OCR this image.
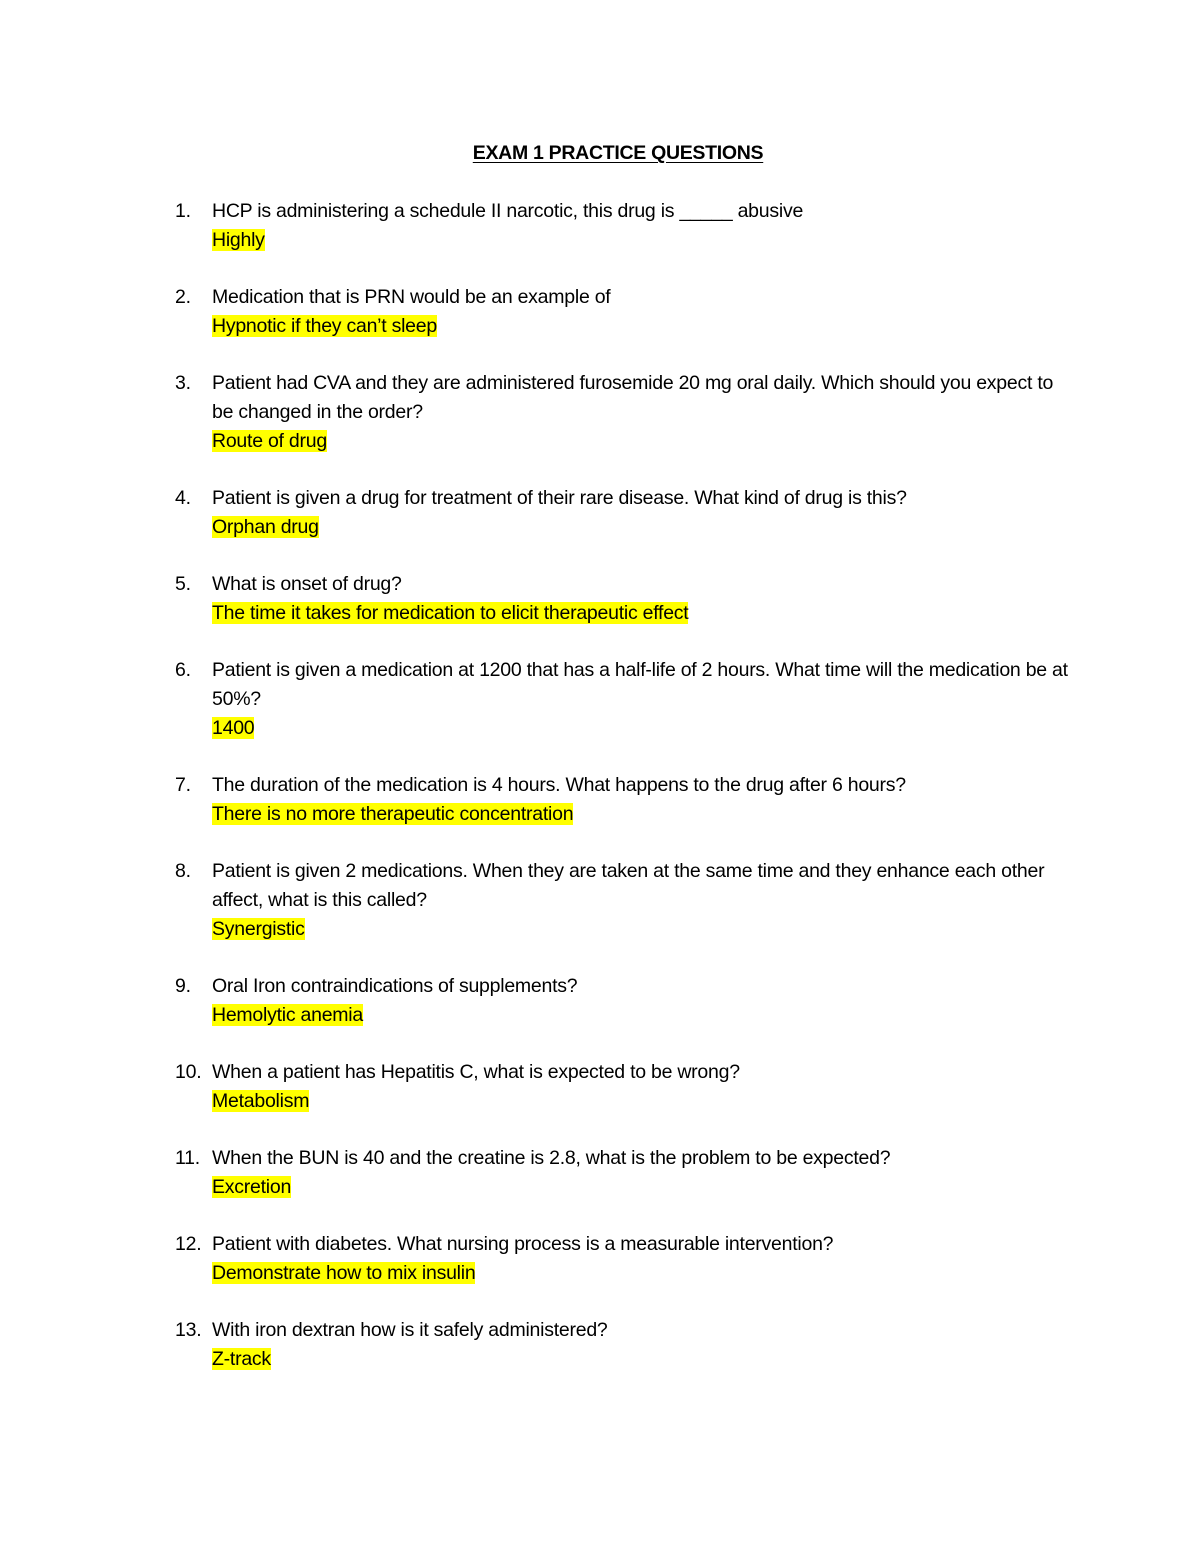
EXAM 1 PRACTICE QUESTIONS
1. HCP is administering a schedule II narcotic, this drug is _____ abusive
Highly
2. Medication that is PRN would be an example of
Hypnotic if they can’t sleep
3. Patient had CVA and they are administered furosemide 20 mg oral daily. Which should you expect to be changed in the order?
Route of drug
4. Patient is given a drug for treatment of their rare disease. What kind of drug is this?
Orphan drug
5. What is onset of drug?
The time it takes for medication to elicit therapeutic effect
6. Patient is given a medication at 1200 that has a half-life of 2 hours. What time will the medication be at 50%?
1400
7. The duration of the medication is 4 hours. What happens to the drug after 6 hours?
There is no more therapeutic concentration
8. Patient is given 2 medications. When they are taken at the same time and they enhance each other affect, what is this called?
Synergistic
9. Oral Iron contraindications of supplements?
Hemolytic anemia
10. When a patient has Hepatitis C, what is expected to be wrong?
Metabolism
11. When the BUN is 40 and the creatine is 2.8, what is the problem to be expected?
Excretion
12. Patient with diabetes. What nursing process is a measurable intervention?
Demonstrate how to mix insulin
13. With iron dextran how is it safely administered?
Z-track
